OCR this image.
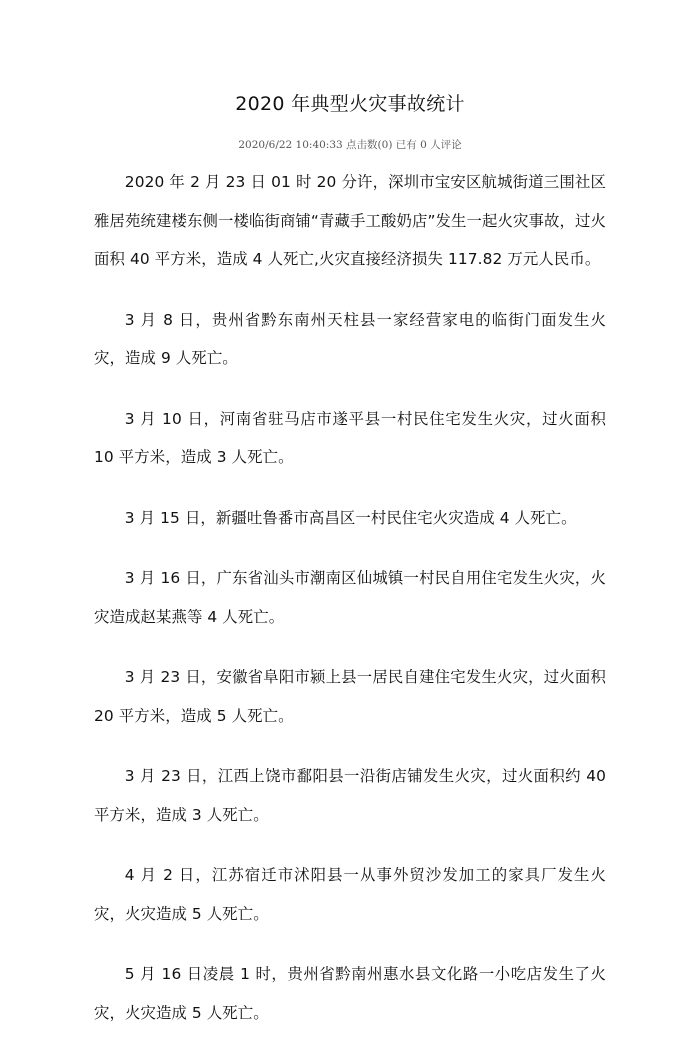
2020 年典型火灾事故统计
2020/6/22 10:40:33 点击数(0) 已有 0 人评论

2020 年 2 月 23 日 01 时 20 分许，深圳市宝安区航城街道三围社区雅居苑统建楼东侧一楼临街商铺“青藏手工酸奶店”发生一起火灾事故，过火面积 40 平方米，造成 4 人死亡,火灾直接经济损失 117.82 万元人民币。

3 月 8 日，贵州省黔东南州天柱县一家经营家电的临街门面发生火灾，造成 9 人死亡。

3 月 10 日，河南省驻马店市遂平县一村民住宅发生火灾，过火面积 10 平方米，造成 3 人死亡。

3 月 15 日，新疆吐鲁番市高昌区一村民住宅火灾造成 4 人死亡。

3 月 16 日，广东省汕头市潮南区仙城镇一村民自用住宅发生火灾，火灾造成赵某燕等 4 人死亡。

3 月 23 日，安徽省阜阳市颍上县一居民自建住宅发生火灾，过火面积 20 平方米，造成 5 人死亡。

3 月 23 日，江西上饶市鄱阳县一沿街店铺发生火灾，过火面积约 40 平方米，造成 3 人死亡。

4 月 2 日，江苏宿迁市沭阳县一从事外贸沙发加工的家具厂发生火灾，火灾造成 5 人死亡。

5 月 16 日凌晨 1 时，贵州省黔南州惠水县文化路一小吃店发生了火灾，火灾造成 5 人死亡。
